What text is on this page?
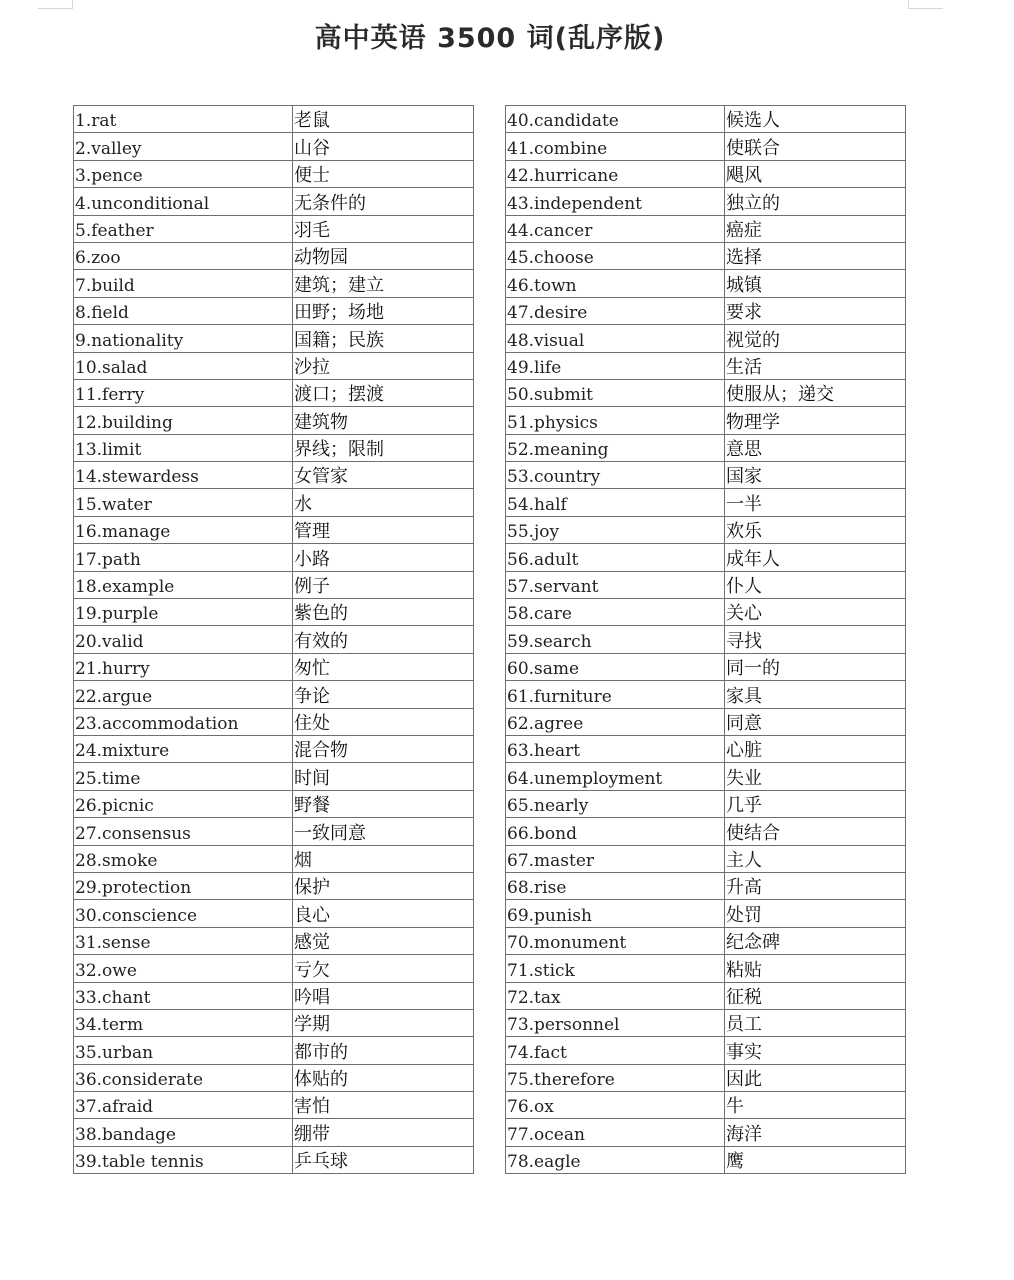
高中英语 3500 词(乱序版)
1.rat	老鼠
2.valley	山谷
3.pence	便士
4.unconditional	无条件的
5.feather	羽毛
6.zoo	动物园
7.build	建筑；建立
8.field	田野；场地
9.nationality	国籍；民族
10.salad	沙拉
11.ferry	渡口；摆渡
12.building	建筑物
13.limit	界线；限制
14.stewardess	女管家
15.water	水
16.manage	管理
17.path	小路
18.example	例子
19.purple	紫色的
20.valid	有效的
21.hurry	匆忙
22.argue	争论
23.accommodation	住处
24.mixture	混合物
25.time	时间
26.picnic	野餐
27.consensus	一致同意
28.smoke	烟
29.protection	保护
30.conscience	良心
31.sense	感觉
32.owe	亏欠
33.chant	吟唱
34.term	学期
35.urban	都市的
36.considerate	体贴的
37.afraid	害怕
38.bandage	绷带
39.table tennis	乒乓球
40.candidate	候选人
41.combine	使联合
42.hurricane	飓风
43.independent	独立的
44.cancer	癌症
45.choose	选择
46.town	城镇
47.desire	要求
48.visual	视觉的
49.life	生活
50.submit	使服从；递交
51.physics	物理学
52.meaning	意思
53.country	国家
54.half	一半
55.joy	欢乐
56.adult	成年人
57.servant	仆人
58.care	关心
59.search	寻找
60.same	同一的
61.furniture	家具
62.agree	同意
63.heart	心脏
64.unemployment	失业
65.nearly	几乎
66.bond	使结合
67.master	主人
68.rise	升高
69.punish	处罚
70.monument	纪念碑
71.stick	粘贴
72.tax	征税
73.personnel	员工
74.fact	事实
75.therefore	因此
76.ox	牛
77.ocean	海洋
78.eagle	鹰
